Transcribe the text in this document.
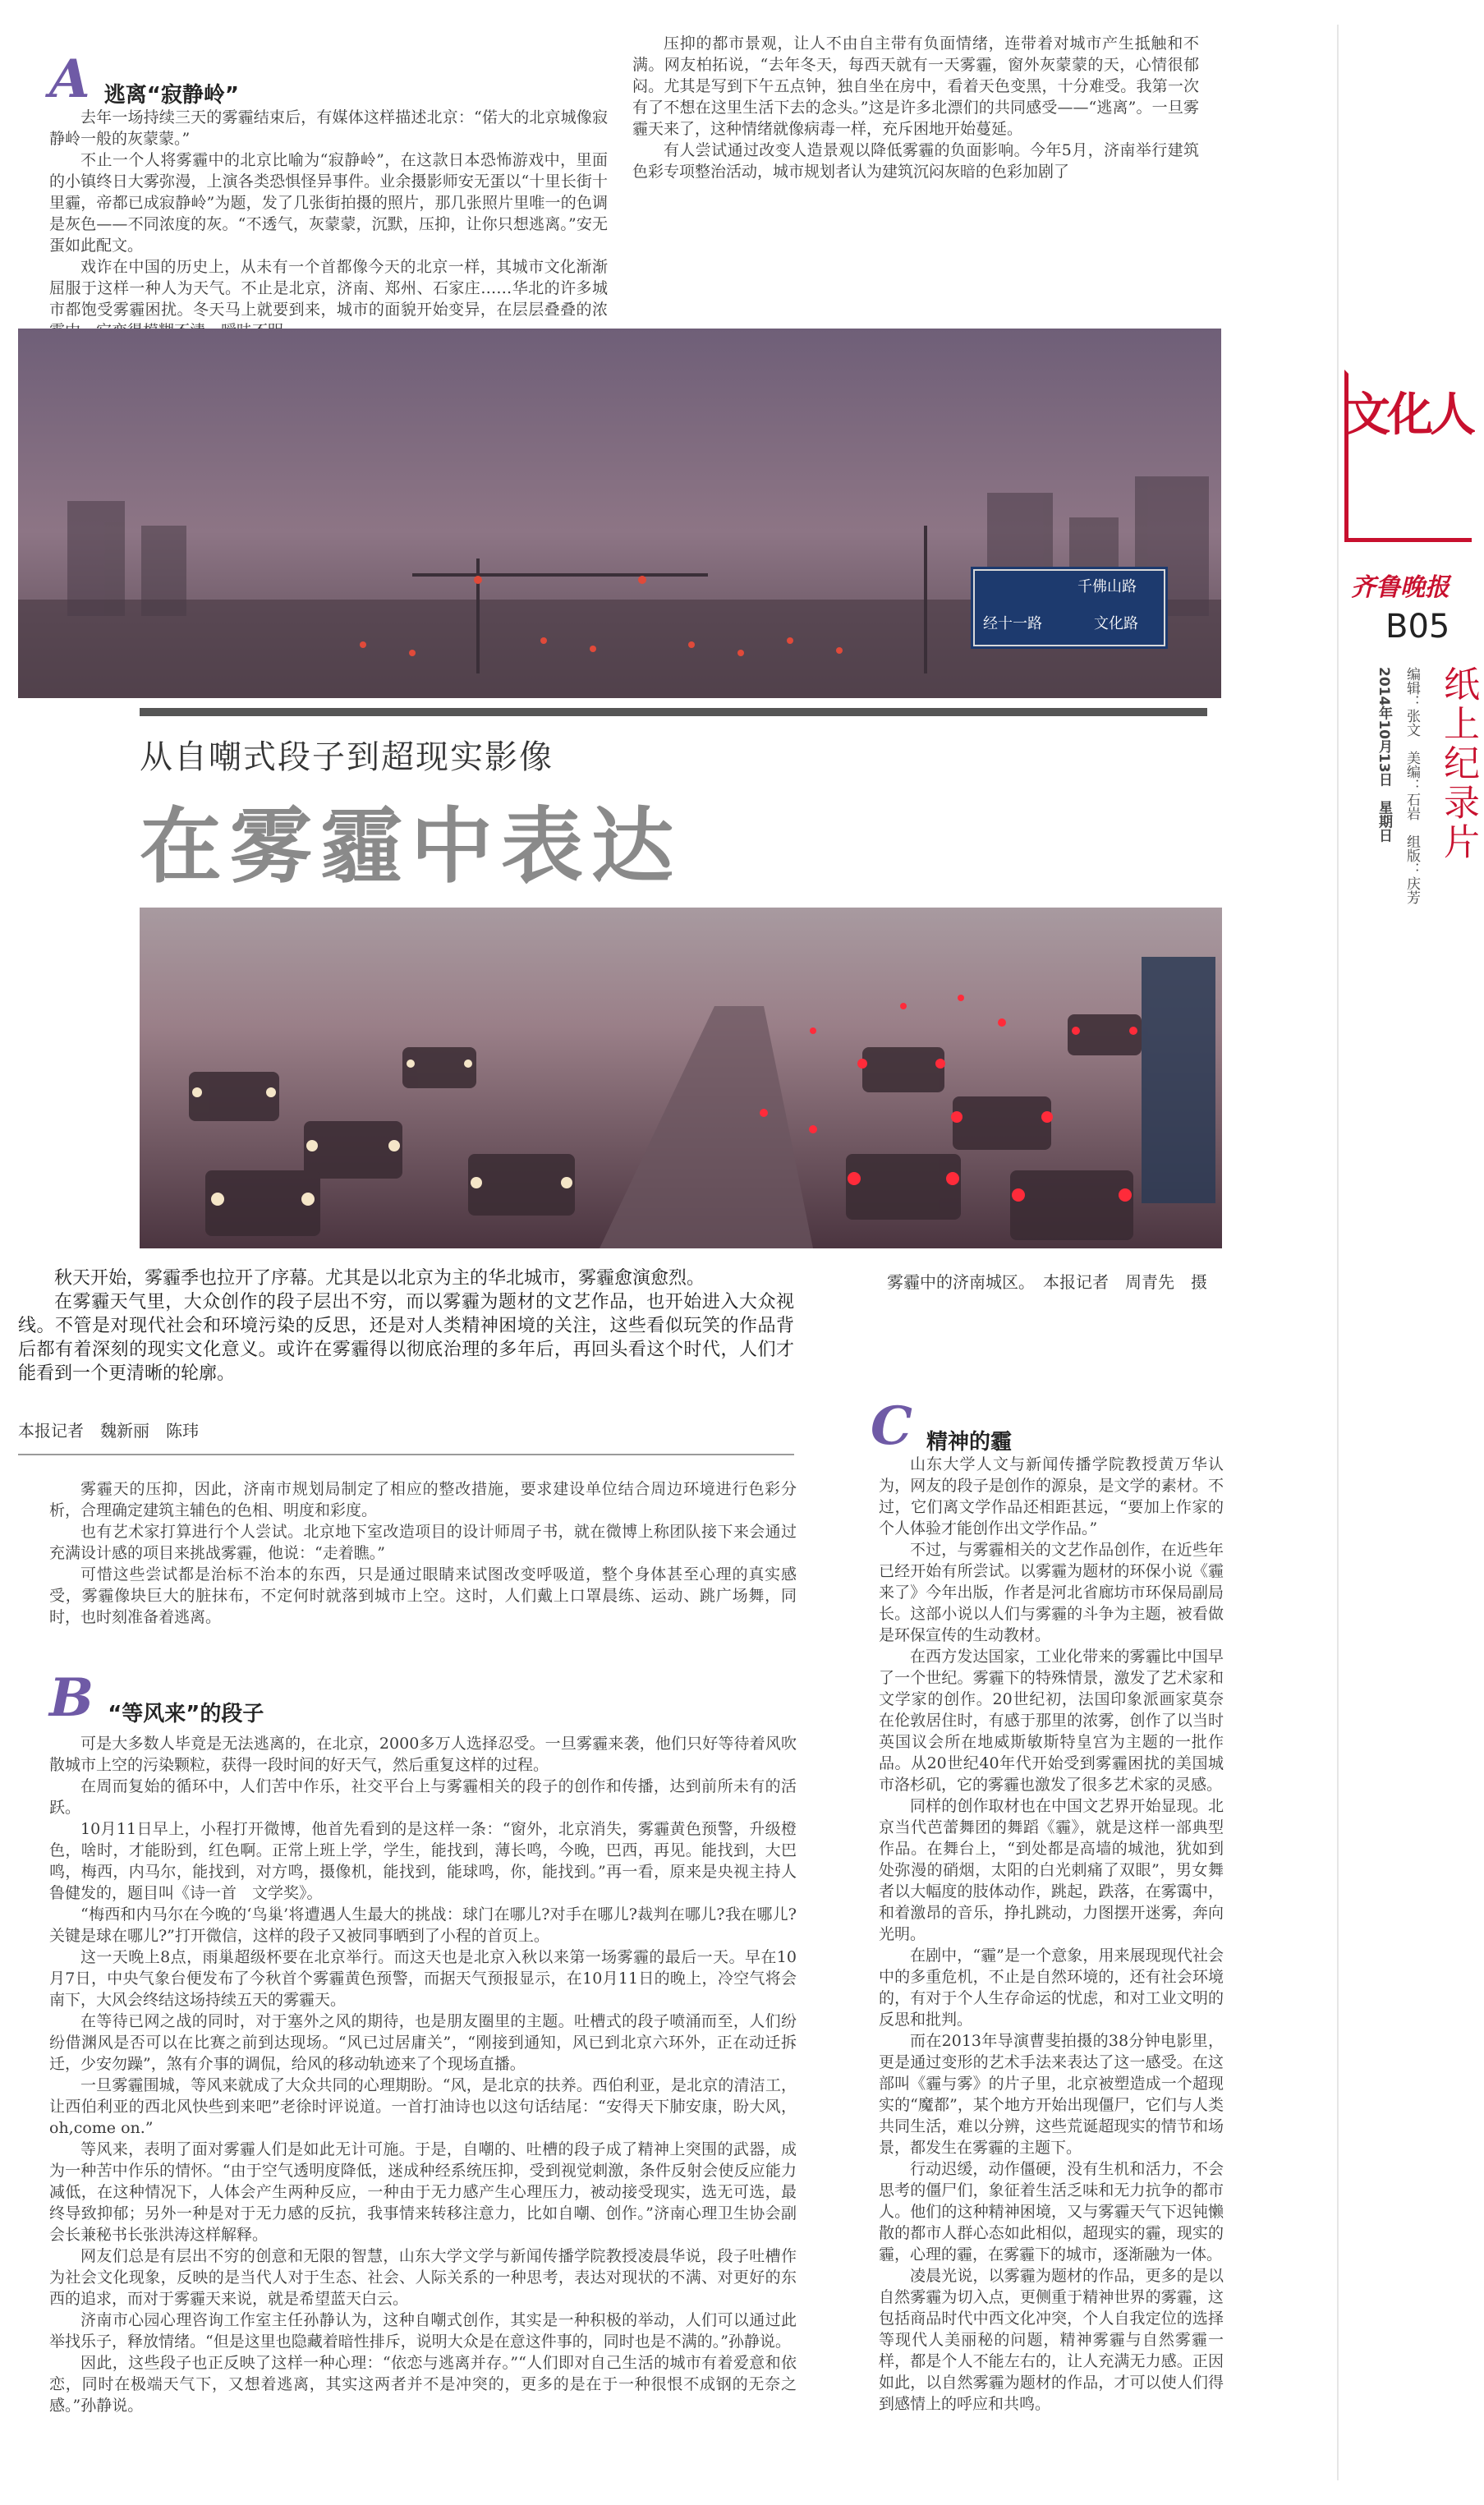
A 逃离“寂静岭”

去年一场持续三天的雾霾结束后，有媒体这样描述北京：“偌大的北京城像寂静岭一般的灰蒙蒙。”

不止一个人将雾霾中的北京比喻为“寂静岭”，在这款日本恐怖游戏中，里面的小镇终日大雾弥漫，上演各类恐惧怪异事件。业余摄影师安无蛋以“十里长街十里霾，帝都已成寂静岭”为题，发了几张街拍摄的照片，那几张照片里唯一的色调是灰色——不同浓度的灰。“不透气，灰蒙蒙，沉默，压抑，让你只想逃离。”安无蛋如此配文。

戏诈在中国的历史上，从未有一个首都像今天的北京一样，其城市文化渐渐屈服于这样一种人为天气。不止是北京，济南、郑州、石家庄……华北的许多城市都饱受雾霾困扰。冬天马上就要到来，城市的面貌开始变异，在层层叠叠的浓

压抑的都市景观，让人不由自主带有负面情绪，连带着对城市产生抵触和不满。网友柏拓说，“去年冬天，每西天就有一天雾霾，窗外灰蒙蒙的天，心情很郁闷。尤其是写到下午五点钟，独自坐在房中，看着天色变黑，十分难受。我第一次有了不想在这里生活下去的念头。”这是许多北漂们的共同感受——“逃离”。一旦雾霾天来了，这种情绪就像病毒一样，充斥困地开始蔓延。

有人尝试通过改变人造景观以降低雾霾的负面影响。今年5月，济南举行建筑色彩专项整治活动，城市规划者认为建筑沉闷灰暗的色彩加剧了

千佛山路
经十一路	文化路
从自嘲式段子到超现实影像
在雾霾中表达

秋天开始，雾霾季也拉开了序幕。尤其是以北京为主的华北城市，雾霾愈演愈烈。

在雾霾天气里，大众创作的段子层出不穷，而以雾霾为题材的文艺作品，也开始进入大众视线。不管是对现代社会和环境污染的反思，还是对人类精神困境的关注，这些看似玩笑的作品背后都有着深刻的现实文化意义。或许在雾霾得以彻底治理的多年后，再回头看这个时代，人们才能看到一个更清晰的轮廓。

本报记者　魏新丽　陈玮
雾霾中的济南城区。　本报记者　周青先　摄

雾霾天的压抑，因此，济南市规划局制定了相应的整改措施，要求建设单位结合周边环境进行色彩分析，合理确定建筑主辅色的色相、明度和彩度。

也有艺术家打算进行个人尝试。北京地下室改造项目的设计师周子书，就在微博上称团队接下来会通过充满设计感的项目来挑战雾霾，他说：“走着瞧。”

可惜这些尝试都是治标不治本的东西，只是通过眼睛来试图改变呼吸道，整个身体甚至心理的真实感受，雾霾像块巨大的脏抹布，不定何时就落到城市上空。这时，人们戴上口罩晨练、运动、跳广场舞，同时，也时刻准备着逃离。

B “等风来”的段子

可是大多数人毕竟是无法逃离的，在北京，2000多万人选择忍受。一旦雾霾来袭，他们只好等待着风吹散城市上空的污染颗粒，获得一段时间的好天气，然后重复这样的过程。

在周而复始的循环中，人们苦中作乐，社交平台上与雾霾相关的段子的创作和传播，达到前所未有的活跃。

10月11日早上，小程打开微博，他首先看到的是这样一条：“窗外，北京消失，雾霾黄色预警，升级橙色，啥时，才能盼到，红色啊。正常上班上学，学生，能找到，薄长鸣，今晚，巴西，再见。能找到，大巴鸣，梅西，内马尔，能找到，对方鸣，摄像机，能找到，能球鸣，你，能找到。”再一看，原来是央视主持人鲁健发的，题目叫《诗一首　文学奖》。

“梅西和内马尔在今晚的‘鸟巢’将遭遇人生最大的挑战：球门在哪儿?对手在哪儿?裁判在哪儿?我在哪儿?关键是球在哪儿?”打开微信，这样的段子又被同事晒到了小程的首页上。

这一天晚上8点，雨巢超级杯要在北京举行。而这天也是北京入秋以来第一场雾霾的最后一天。早在10月7日，中央气象台便发布了今秋首个雾霾黄色预警，而据天气预报显示，在10月11日的晚上，冷空气将会南下，大风会终结这场持续五天的雾霾天。

在等待已网之战的同时，对于塞外之风的期待，也是朋友圈里的主题。吐槽式的段子喷涌而至，人们纷纷借渊风是否可以在比赛之前到达现场。“风已过居庸关”，“刚接到通知，风已到北京六环外，正在动迁拆迁，少安勿躁”，煞有介事的调侃，给风的移动轨迹来了个现场直播。

一旦雾霾围城，等风来就成了大众共同的心理期盼。“风，是北京的扶养。西伯利亚，是北京的清洁工，让西伯利亚的西北风快些到来吧”老徐时评说道。一首打油诗也以这句话结尾：“安得天下肺安康，盼大风，oh,come on.”

等风来，表明了面对雾霾人们是如此无计可施。于是，自嘲的、吐槽的段子成了精神上突围的武器，成为一种苦中作乐的情怀。“由于空气透明度降低，迷成种经系统压抑，受到视觉刺激，条件反射会使反应能力减低，在这种情况下，人体会产生两种反应，一种由于无力感产生心理压力，被动接受现实，选无可选，最终导致抑郁；另外一种是对于无力感的反抗，我事情来转移注意力，比如自嘲、创作。”济南心理卫生协会副会长兼秘书长张洪涛这样解释。

网友们总是有层出不穷的创意和无限的智慧，山东大学文学与新闻传播学院教授凌晨华说，段子吐槽作为社会文化现象，反映的是当代人对于生态、社会、人际关系的一种思考，表达对现状的不满、对更好的东西的追求，而对于雾霾天来说，就是希望蓝天白云。

济南市心园心理咨询工作室主任孙静认为，这种自嘲式创作，其实是一种积极的举动，人们可以通过此举找乐子，释放情绪。“但是这里也隐藏着暗性排斥，说明大众是在意这件事的，同时也是不满的。”孙静说。

因此，这些段子也正反映了这样一种心理：“依恋与逃离并存。”“人们即对自己生活的城市有着爱意和依恋，同时在极端天气下，又想着逃离，其实这两者并不是冲突的，更多的是在于一种很恨不成钢的无奈之感。”孙静说。

C 精神的霾

山东大学人文与新闻传播学院教授黄万华认为，网友的段子是创作的源泉，是文学的素材。不过，它们离文学作品还相距甚远，“要加上作家的个人体验才能创作出文学作品。”

不过，与雾霾相关的文艺作品创作，在近些年已经开始有所尝试。以雾霾为题材的环保小说《霾来了》今年出版，作者是河北省廊坊市环保局副局长。这部小说以人们与雾霾的斗争为主题，被看做是环保宣传的生动教材。

在西方发达国家，工业化带来的雾霾比中国早了一个世纪。雾霾下的特殊情景，激发了艺术家和文学家的创作。20世纪初，法国印象派画家莫奈在伦敦居住时，有感于那里的浓雾，创作了以当时英国议会所在地威斯敏斯特皇宫为主题的一批作品。从20世纪40年代开始受到雾霾困扰的美国城市洛杉矶，它的雾霾也激发了很多艺术家的灵感。

同样的创作取材也在中国文艺界开始显现。北京当代芭蕾舞团的舞蹈《霾》，就是这样一部典型作品。在舞台上，“到处都是高墙的城池，犹如到处弥漫的硝烟，太阳的白光刺痛了双眼”，男女舞者以大幅度的肢体动作，跳起，跌落，在雾霭中，和着激昂的音乐，挣扎跳动，力图摆开迷雾，奔向光明。

在剧中，“霾”是一个意象，用来展现现代社会中的多重危机，不止是自然环境的，还有社会环境的，有对于个人生存命运的忧虑，和对工业文明的反思和批判。

而在2013年导演曹斐拍摄的38分钟电影里，更是通过变形的艺术手法来表达了这一感受。在这部叫《霾与雾》的片子里，北京被塑造成一个超现实的“魔都”，某个地方开始出现僵尸，它们与人类共同生活，难以分辨，这些荒诞超现实的情节和场景，都发生在雾霾的主题下。

行动迟缓，动作僵硬，没有生机和活力，不会思考的僵尸们，象征着生活乏味和无力抗争的都市人。他们的这种精神困境，又与雾霾天气下迟钝懒散的都市人群心态如此相似，超现实的霾，现实的霾，心理的霾，在雾霾下的城市，逐渐融为一体。

凌晨光说，以雾霾为题材的作品，更多的是以自然雾霾为切入点，更侧重于精神世界的雾霾，这包括商品时代中西文化冲突，个人自我定位的选择等现代人美丽秘的问题，精神雾霾与自然雾霾一样，都是个人不能左右的，让人充满无力感。正因如此，以自然雾霾为题材的作品，才可以使人们得到感情上的呼应和共鸣。

文化人
齐鲁晚报
B05
纸上纪录片
编辑：张文　美编：石岩　组版：庆芳
2014年10月13日　星期日
